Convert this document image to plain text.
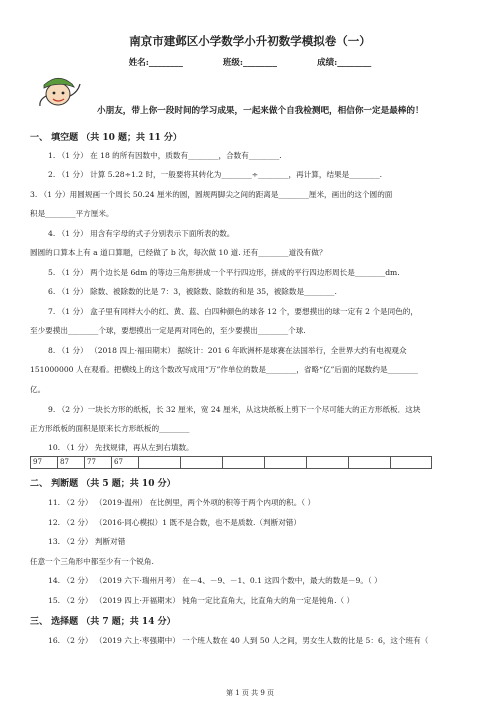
南京市建邺区小学数学小升初数学模拟卷（一）
姓名:________	班级:________	成绩:________
小朋友，带上你一段时间的学习成果，一起来做个自我检测吧，相信你一定是最棒的！
一、 填空题 （共 10 题；共 11 分）
1. （1 分） 在 18 的所有因数中，质数有________，合数有________.
2. （1 分） 计算 5.28÷1.2 时，一般要将其转化为________÷________，再计算，结果是________.
3. （1 分）用圆规画一个周长 50.24 厘米的圆，圆规两脚尖之间的距离是________厘米，画出的这个圆的面
积是________平方厘米。
4. （1 分） 用含有字母的式子分别表示下面所表的数。
圆圆的口算本上有 a 道口算题，已经做了 b 次，每次做 10 道. 还有________道没有做？
5. （1 分） 两个边长是 6dm 的等边三角形拼成一个平行四边形，拼成的平行四边形周长是________dm.
6. （1 分） 除数、被除数的比是 7：3，被除数、除数的和是 35，被除数是________.
7. （1 分） 盒子里有同样大小的红、黄、蓝、白四种颜色的球各 12 个，要想摸出的球一定有 2 个是同色的，
至少要摸出________个球，要想摸出一定是两对同色的，至少要摸出________个球.
8. （1 分） （2018 四上·福田期末） 据统计：201 6 年欧洲杯是球赛在法国举行，全世界大约有电视观众
151000000 人在观看。把横线上的这个数改写成用“万”作单位的数是________，省略“亿”后面的尾数约是________
亿。
9. （2 分）一块长方形的纸板，长 32 厘米，宽 24 厘米，从这块纸板上剪下一个尽可能大的正方形纸板．这块
正方形纸板的面积是原来长方形纸板的________
10. （1 分） 先找规律，再从左到右填数。
97	87	77	67
二、 判断题 （共 5 题；共 10 分）
11. （2 分） （2019·温州） 在比例里，两个外项的积等于两个内项的积。（ ）
12. （2 分） （2016·同心模拟）1 既不是合数，也不是质数.（判断对错）
13. （2 分） 判断对错
任意一个三角形中都至少有一个锐角.
14. （2 分） （2019 六下·瑞州月考） 在－4、－9、－1、0.1 这四个数中，最大的数是－9。（ ）
15. （2 分） （2019 四上·开福期末） 钝角一定比直角大，比直角大的角一定是钝角.（ ）
三、 选择题 （共 7 题；共 14 分）
16. （2 分） （2019 六上·枣强期中） 一个班人数在 40 人到 50 人之间，男女生人数的比是 5：6，这个班有（
第 1 页 共 9 页
